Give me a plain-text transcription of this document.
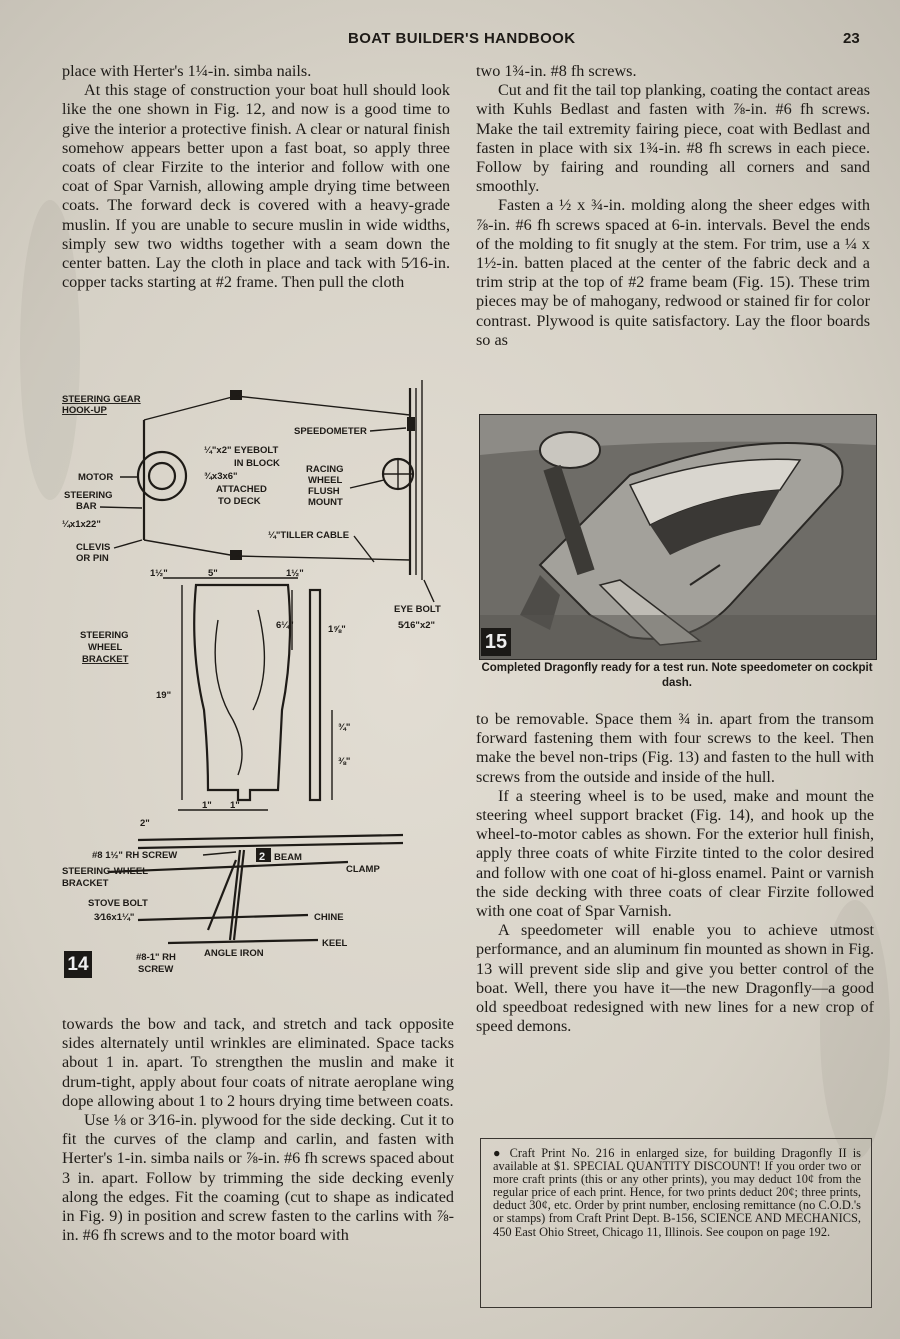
BOAT BUILDER'S HANDBOOK	23

place with Herter's 1¼-in. simba nails.

At this stage of construction your boat hull should look like the one shown in Fig. 12, and now is a good time to give the interior a protective finish. A clear or natural finish somehow appears better upon a fast boat, so apply three coats of clear Firzite to the interior and follow with one coat of Spar Varnish, allowing ample drying time between coats. The forward deck is covered with a heavy-grade muslin. If you are unable to secure muslin in wide widths, simply sew two widths together with a seam down the center batten. Lay the cloth in place and tack with 5⁄16-in. copper tacks starting at #2 frame. Then pull the cloth

two 1¾-in. #8 fh screws.

Cut and fit the tail top planking, coating the contact areas with Kuhls Bedlast and fasten with ⅞-in. #6 fh screws. Make the tail extremity fairing piece, coat with Bedlast and fasten in place with six 1¾-in. #8 fh screws in each piece. Follow by fairing and rounding all corners and sand smoothly.

Fasten a ½ x ¾-in. molding along the sheer edges with ⅞-in. #6 fh screws spaced at 6-in. intervals. Bevel the ends of the molding to fit snugly at the stem. For trim, use a ¼ x 1½-in. batten placed at the center of the fabric deck and a trim strip at the top of #2 frame beam (Fig. 15). These trim pieces may be of mahogany, redwood or stained fir for color contrast. Plywood is quite satisfactory. Lay the floor boards so as

15
Completed Dragonfly ready for a test run. Note speedometer on cockpit dash.

to be removable. Space them ¾ in. apart from the transom forward fastening them with four screws to the keel. Then make the bevel non-trips (Fig. 13) and fasten to the hull with screws from the outside and inside of the hull.

If a steering wheel is to be used, make and mount the steering wheel support bracket (Fig. 14), and hook up the wheel-to-motor cables as shown. For the exterior hull finish, apply three coats of white Firzite tinted to the color desired and follow with one coat of hi-gloss enamel. Paint or varnish the side decking with three coats of clear Firzite followed with one coat of Spar Varnish.

A speedometer will enable you to achieve utmost performance, and an aluminum fin mounted as shown in Fig. 13 will prevent side slip and give you better control of the boat. Well, there you have it—the new Dragonfly—a good old speedboat redesigned with new lines for a new crop of speed demons.

STEERING GEAR
HOOK-UP
SPEEDOMETER
¼"x2" EYEBOLT
IN BLOCK
¾x3x6"
ATTACHED
TO DECK
RACING
WHEEL
FLUSH
MOUNT
MOTOR
STEERING
BAR
¼x1x22"
¼"TILLER CABLE
CLEVIS
OR PIN
1½"	5"	1½"
19"
6¼"	1⅝"
¾"
⅜"
STEERING
WHEEL
BRACKET
EYE BOLT
5⁄16"x2"
2"
1" 1"
#8 1½" RH SCREW	2 BEAM
CLAMP
STEERING-WHEEL
BRACKET
STOVE BOLT
3⁄16x1¼"	CHINE
KEEL
#8-1" RH
SCREW
ANGLE IRON
14

towards the bow and tack, and stretch and tack opposite sides alternately until wrinkles are eliminated. Space tacks about 1 in. apart. To strengthen the muslin and make it drum-tight, apply about four coats of nitrate aeroplane wing dope allowing about 1 to 2 hours drying time between coats.

Use ⅛ or 3⁄16-in. plywood for the side decking. Cut it to fit the curves of the clamp and carlin, and fasten with Herter's 1-in. simba nails or ⅞-in. #6 fh screws spaced about 3 in. apart. Follow by trimming the side decking evenly along the edges. Fit the coaming (cut to shape as indicated in Fig. 9) in position and screw fasten to the carlins with ⅞-in. #6 fh screws and to the motor board with

● Craft Print No. 216 in enlarged size, for building Dragonfly II is available at $1. SPECIAL QUANTITY DISCOUNT! If you order two or more craft prints (this or any other prints), you may deduct 10¢ from the regular price of each print. Hence, for two prints deduct 20¢; three prints, deduct 30¢, etc. Order by print number, enclosing remittance (no C.O.D.'s or stamps) from Craft Print Dept. B-156, SCIENCE AND MECHANICS, 450 East Ohio Street, Chicago 11, Illinois. See coupon on page 192.
